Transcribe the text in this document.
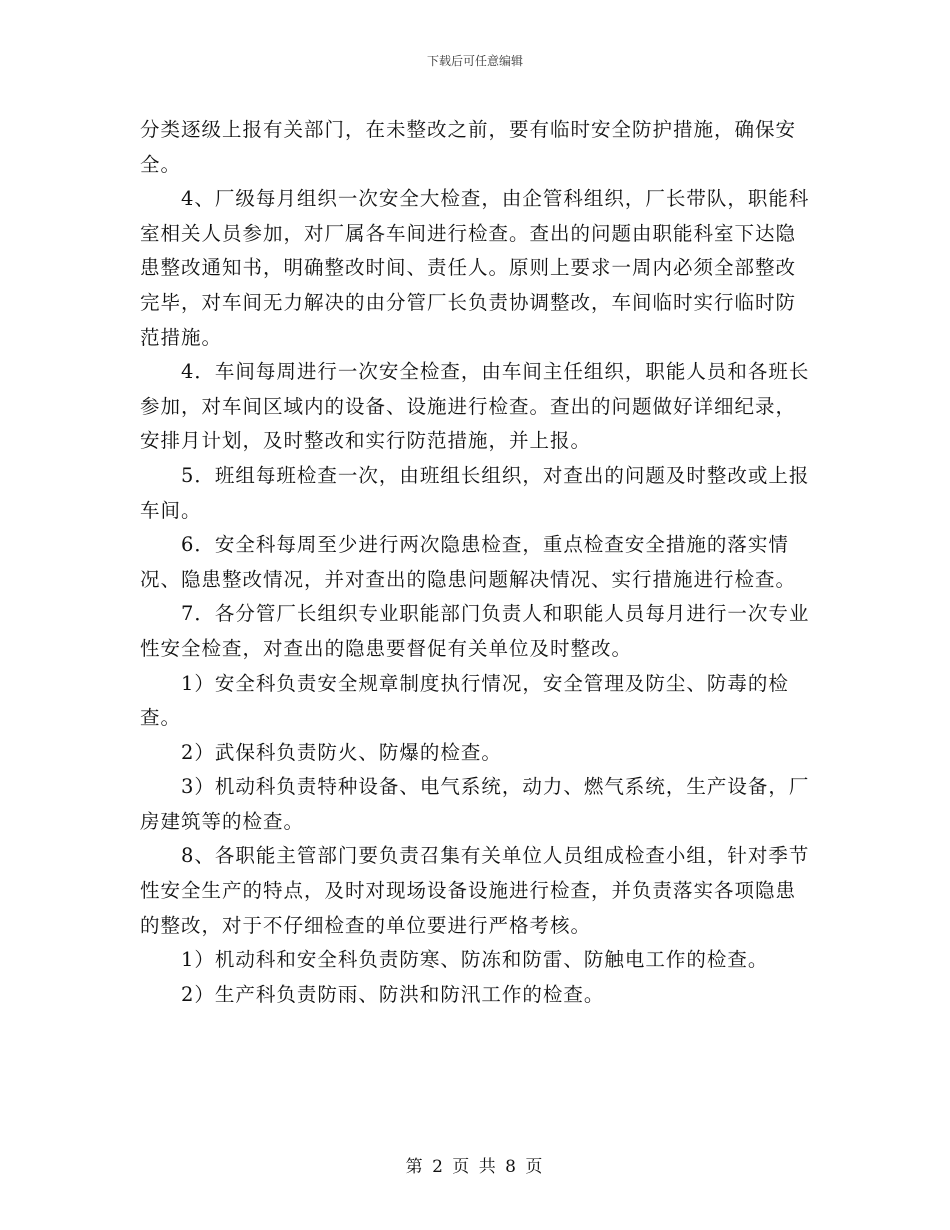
下载后可任意编辑

分类逐级上报有关部门，在未整改之前，要有临时安全防护措施，确保安全。

4、厂级每月组织一次安全大检查，由企管科组织，厂长带队，职能科室相关人员参加，对厂属各车间进行检查。查出的问题由职能科室下达隐患整改通知书，明确整改时间、责任人。原则上要求一周内必须全部整改完毕，对车间无力解决的由分管厂长负责协调整改，车间临时实行临时防范措施。

4．车间每周进行一次安全检查，由车间主任组织，职能人员和各班长参加，对车间区域内的设备、设施进行检查。查出的问题做好详细纪录，安排月计划，及时整改和实行防范措施，并上报。

5．班组每班检查一次，由班组长组织，对查出的问题及时整改或上报车间。

6．安全科每周至少进行两次隐患检查，重点检查安全措施的落实情况、隐患整改情况，并对查出的隐患问题解决情况、实行措施进行检查。

7．各分管厂长组织专业职能部门负责人和职能人员每月进行一次专业性安全检查，对查出的隐患要督促有关单位及时整改。

1）安全科负责安全规章制度执行情况，安全管理及防尘、防毒的检查。

2）武保科负责防火、防爆的检查。

3）机动科负责特种设备、电气系统，动力、燃气系统，生产设备，厂房建筑等的检查。

8、各职能主管部门要负责召集有关单位人员组成检查小组，针对季节性安全生产的特点，及时对现场设备设施进行检查，并负责落实各项隐患的整改，对于不仔细检查的单位要进行严格考核。

1）机动科和安全科负责防寒、防冻和防雷、防触电工作的检查。

2）生产科负责防雨、防洪和防汛工作的检查。

第 2 页 共 8 页
